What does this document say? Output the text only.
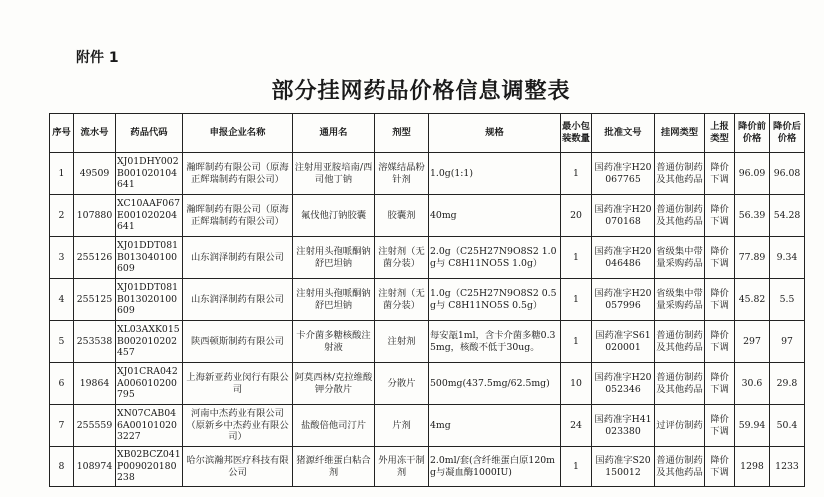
附件 1
部分挂网药品价格信息调整表
序号	流水号	药品代码	申报企业名称	通用名	剂型	规格	最小包装数量	批准文号	挂网类型	上报类型	降价前价格	降价后价格
1	49509	XJ01DHY002B001020104641	瀚晖制药有限公司（原海正辉瑞制药有限公司）	注射用亚胺培南/西司他丁钠	溶媒结晶粉针剂	1.0g(1:1)	1	国药准字H20067765	普通仿制药及其他药品	降价下调	96.09	96.08
2	107880	XC10AAF067E001020204641	瀚晖制药有限公司（原海正辉瑞制药有限公司）	氟伐他汀钠胶囊	胶囊剂	40mg	20	国药准字H20070168	普通仿制药及其他药品	降价下调	56.39	54.28
3	255126	XJ01DDT081B013040100609	山东润泽制药有限公司	注射用头孢哌酮钠舒巴坦钠	注射剂（无菌分装）	2.0g（C25H27N9O8S2 1.0g与 C8H11NO5S 1.0g）	1	国药准字H20046486	省级集中带量采购药品	降价下调	77.89	9.34
4	255125	XJ01DDT081B013020100609	山东润泽制药有限公司	注射用头孢哌酮钠舒巴坦钠	注射剂（无菌分装）	1.0g（C25H27N9O8S2 0.5g与 C8H11NO5S 0.5g）	1	国药准字H20057996	省级集中带量采购药品	降价下调	45.82	5.5
5	253538	XL03AXK015B002010202457	陕西顿斯制药有限公司	卡介菌多糖核酸注射液	注射剂	每安瓿1ml，含卡介菌多糖0.35mg，核酸不低于30ug。	1	国药准字S61020001	普通仿制药及其他药品	降价下调	297	97
6	19864	XJ01CRA042A006010200795	上海新亚药业闵行有限公司	阿莫西林/克拉维酸钾分散片	分散片	500mg(437.5mg/62.5mg)	10	国药准字H20052346	普通仿制药及其他药品	降价下调	30.6	29.8
7	255559	XN07CAB046A001010203227	河南中杰药业有限公司（原新乡中杰药业有限公司）	盐酸倍他司汀片	片剂	4mg	24	国药准字H41023380	过评仿制药	降价下调	59.94	50.4
8	108974	XB02BCZ041P009020180238	哈尔滨瀚邦医疗科技有限公司	猪源纤维蛋白粘合剂	外用冻干制剂	2.0ml/套(含纤维蛋白原120mg与凝血酶1000IU)	1	国药准字S20150012	普通仿制药及其他药品	降价下调	1298	1233
